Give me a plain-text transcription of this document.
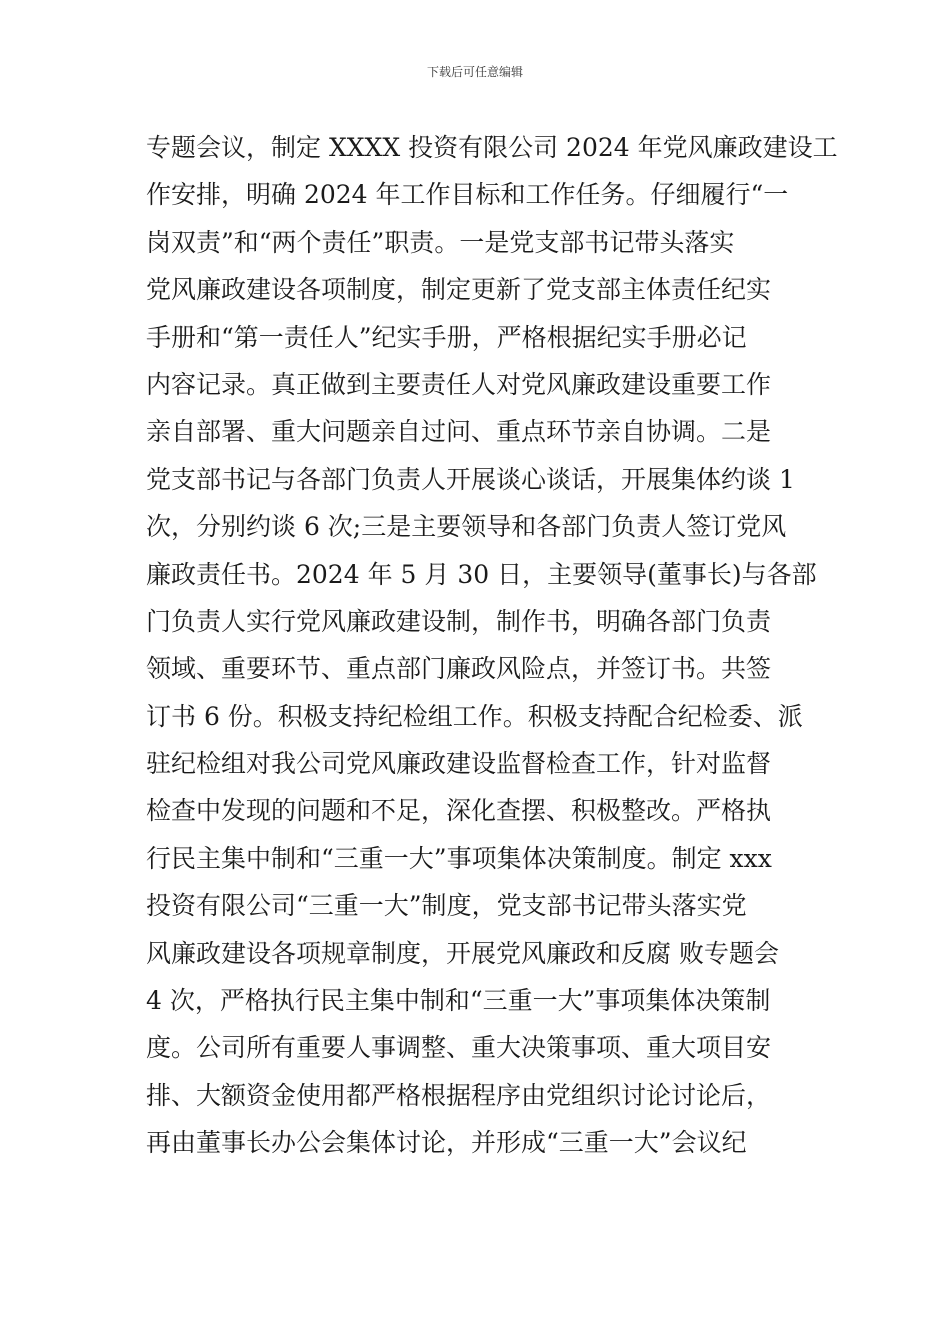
下载后可任意编辑
专题会议，制定 XXXX 投资有限公司 2024 年党风廉政建设工
作安排，明确 2024 年工作目标和工作任务。仔细履行“一
岗双责”和“两个责任”职责。一是党支部书记带头落实
党风廉政建设各项制度，制定更新了党支部主体责任纪实
手册和“第一责任人”纪实手册，严格根据纪实手册必记
内容记录。真正做到主要责任人对党风廉政建设重要工作
亲自部署、重大问题亲自过问、重点环节亲自协调。二是
党支部书记与各部门负责人开展谈心谈话，开展集体约谈 1
次，分别约谈 6 次;三是主要领导和各部门负责人签订党风
廉政责任书。2024 年 5 月 30 日，主要领导(董事长)与各部
门负责人实行党风廉政建设制，制作书，明确各部门负责
领域、重要环节、重点部门廉政风险点，并签订书。共签
订书 6 份。积极支持纪检组工作。积极支持配合纪检委、派
驻纪检组对我公司党风廉政建设监督检查工作，针对监督
检查中发现的问题和不足，深化查摆、积极整改。严格执
行民主集中制和“三重一大”事项集体决策制度。制定 xxx
投资有限公司“三重一大”制度，党支部书记带头落实党
风廉政建设各项规章制度，开展党风廉政和反腐 败专题会
4 次，严格执行民主集中制和“三重一大”事项集体决策制
度。公司所有重要人事调整、重大决策事项、重大项目安
排、大额资金使用都严格根据程序由党组织讨论讨论后，
再由董事长办公会集体讨论，并形成“三重一大”会议纪
